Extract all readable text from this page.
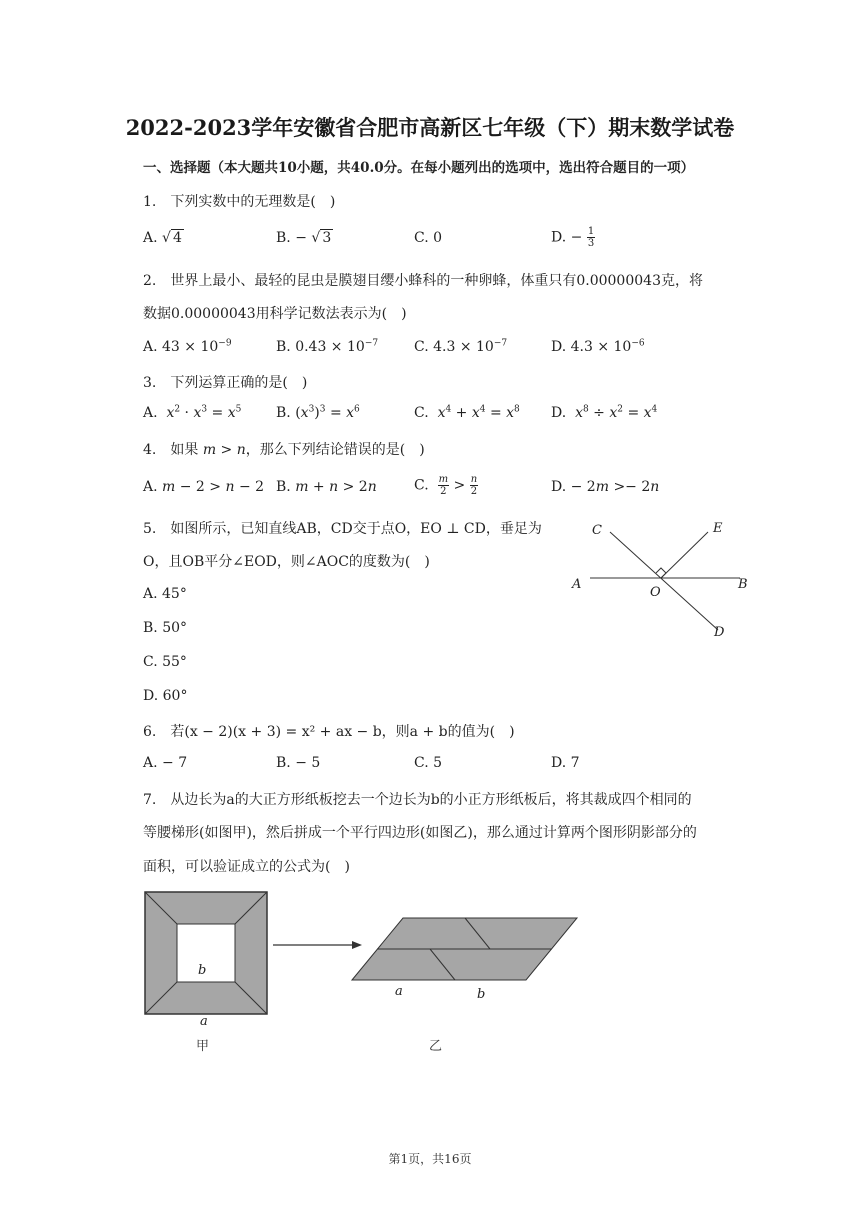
2022-2023学年安徽省合肥市高新区七年级（下）期末数学试卷
一、选择题（本大题共10小题，共40.0分。在每小题列出的选项中，选出符合题目的一项）
1.　下列实数中的无理数是(　)
A. √ 4	B. − √ 3	C. 0	D. − $\frac{1}{3}$
2.　世界上最小、最轻的昆虫是膜翅目缨小蜂科的一种卵蜂，体重只有0.00000043克，将
数据0.00000043用科学记数法表示为(　)
A. $43 \times 10^{-9}$	B. $0.43 \times 10^{-7}$	C. $4.3 \times 10^{-7}$	D. $4.3 \times 10^{-6}$
3.　下列运算正确的是(　)
A.  $x^2 \cdot x^3 = x^5$ B. $(x^3)^3 = x^6$	C.  $x^4 + x^4 = x^8$ D.  $x^8 \div x^2 = x^4$
4.　如果 m > n，那么下列结论错误的是(　)
A. m − 2 > n − 2 B. m + n > 2n	C. $\frac{m}{2} > \frac{n}{2}$	D. − 2m >− 2n
5.　如图所示，已知直线AB，CD交于点O，EO ⊥ CD，垂足为
O，且OB平分∠EOD，则∠AOC的度数为(　)
A. 45°
B. 50°
C. 55°
D. 60°
C	E
A
O
B
D
6.　若(x − 2)(x + 3) = x² + ax − b，则a + b的值为(　)
A. − 7	B. − 5	C. 5	D. 7
7.　从边长为a的大正方形纸板挖去一个边长为b的小正方形纸板后，将其裁成四个相同的
等腰梯形(如图甲)，然后拼成一个平行四边形(如图乙)，那么通过计算两个图形阴影部分的
面积，可以验证成立的公式为(　)
b
a
甲
a	b
乙
第1页，共16页
